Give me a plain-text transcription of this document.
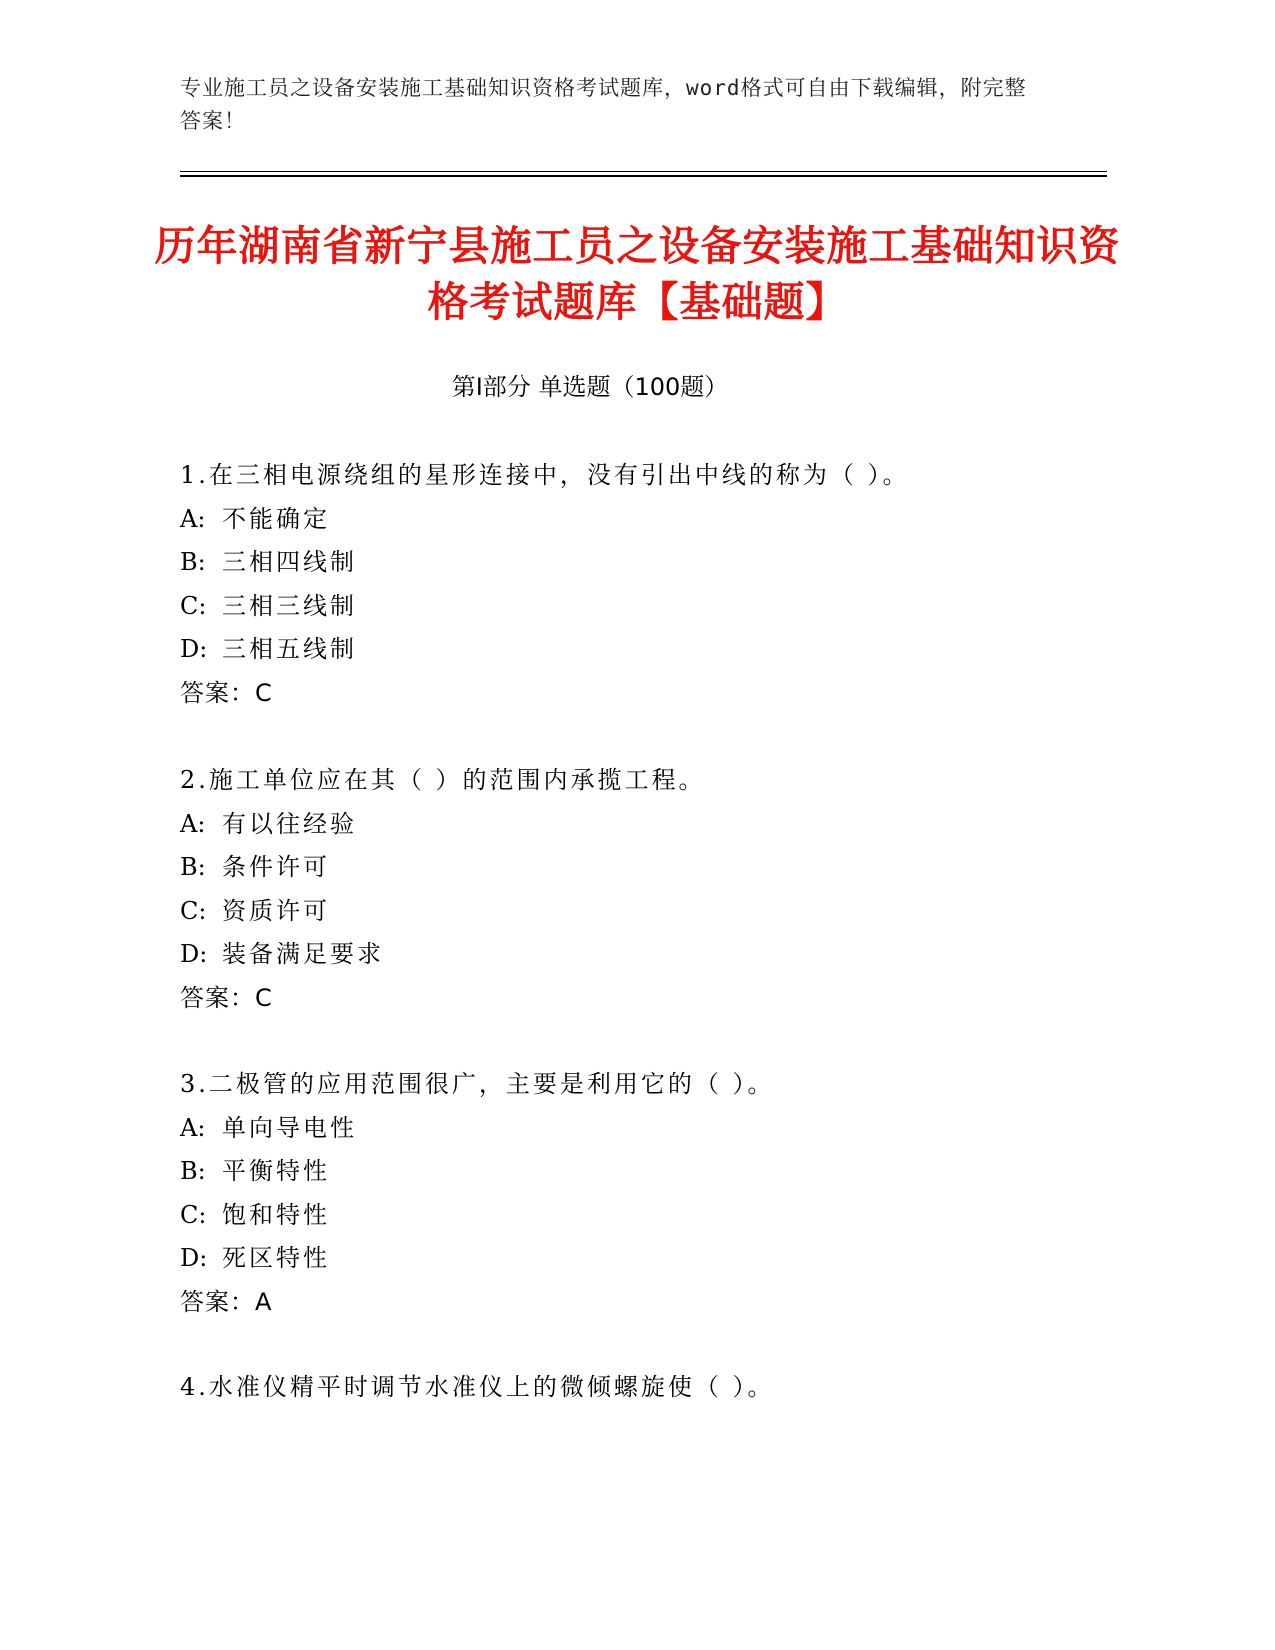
专业施工员之设备安装施工基础知识资格考试题库，word格式可自由下载编辑，附完整答案！
历年湖南省新宁县施工员之设备安装施工基础知识资格考试题库【基础题】
第Ⅰ部分 单选题（100题）
1.在三相电源绕组的星形连接中，没有引出中线的称为（ ）。
A: 不能确定
B: 三相四线制
C: 三相三线制
D: 三相五线制
答案：C
2.施工单位应在其（ ）的范围内承揽工程。
A: 有以往经验
B: 条件许可
C: 资质许可
D: 装备满足要求
答案：C
3.二极管的应用范围很广，主要是利用它的（ ）。
A: 单向导电性
B: 平衡特性
C: 饱和特性
D: 死区特性
答案：A
4.水准仪精平时调节水准仪上的微倾螺旋使（ ）。
